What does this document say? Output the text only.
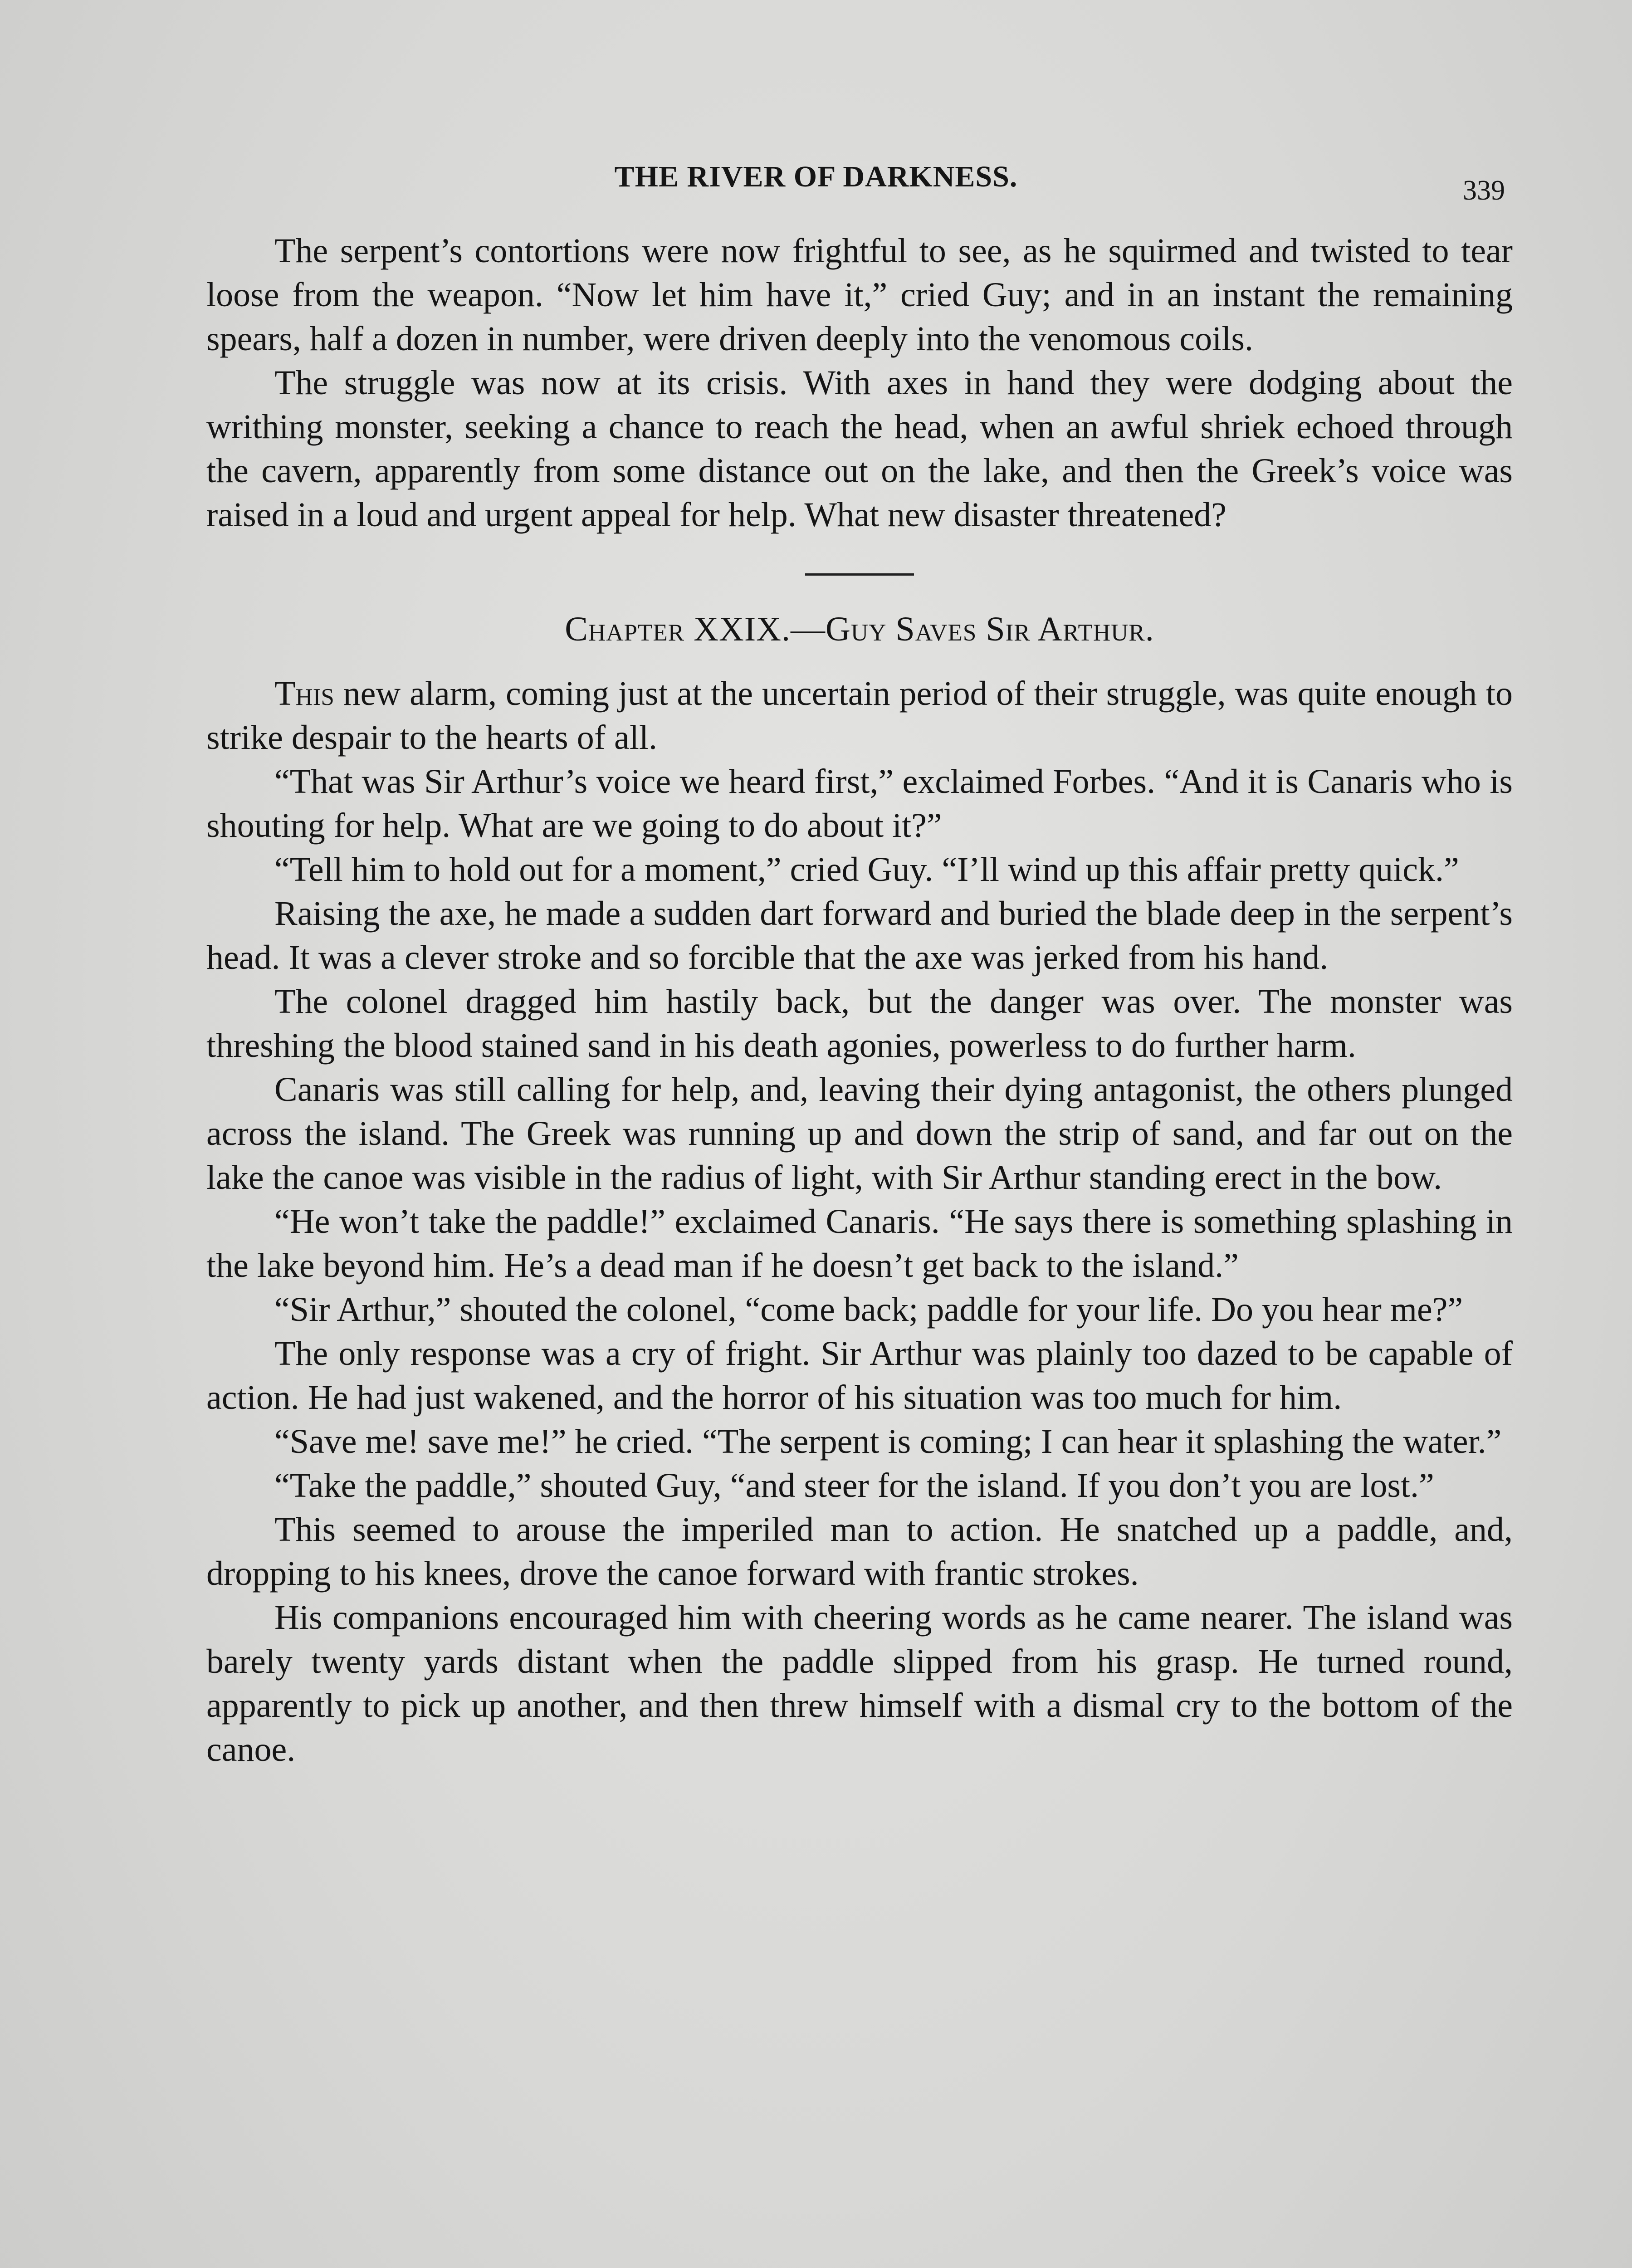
THE RIVER OF DARKNESS.	339

The serpent’s contortions were now frightful to see, as he squirmed and twisted to tear loose from the weapon. “Now let him have it,” cried Guy; and in an instant the remaining spears, half a dozen in number, were driven deeply into the venomous coils.

The struggle was now at its crisis. With axes in hand they were dodging about the writhing monster, seeking a chance to reach the head, when an awful shriek echoed through the cavern, apparently from some distance out on the lake, and then the Greek’s voice was raised in a loud and urgent appeal for help. What new disaster threatened?

Chapter XXIX.—Guy Saves Sir Arthur.

This new alarm, coming just at the uncertain period of their struggle, was quite enough to strike despair to the hearts of all.

“That was Sir Arthur’s voice we heard first,” exclaimed Forbes. “And it is Canaris who is shouting for help. What are we going to do about it?”

“Tell him to hold out for a moment,” cried Guy. “I’ll wind up this affair pretty quick.”

Raising the axe, he made a sudden dart forward and buried the blade deep in the serpent’s head. It was a clever stroke and so forcible that the axe was jerked from his hand.

The colonel dragged him hastily back, but the danger was over. The monster was threshing the blood stained sand in his death agonies, powerless to do further harm.

Canaris was still calling for help, and, leaving their dying antagonist, the others plunged across the island. The Greek was running up and down the strip of sand, and far out on the lake the canoe was visible in the radius of light, with Sir Arthur standing erect in the bow.

“He won’t take the paddle!” exclaimed Canaris. “He says there is something splashing in the lake beyond him. He’s a dead man if he doesn’t get back to the island.”

“Sir Arthur,” shouted the colonel, “come back; paddle for your life. Do you hear me?”

The only response was a cry of fright. Sir Arthur was plainly too dazed to be capable of action. He had just wakened, and the horror of his situation was too much for him.

“Save me! save me!” he cried. “The serpent is coming; I can hear it splashing the water.”

“Take the paddle,” shouted Guy, “and steer for the island. If you don’t you are lost.”

This seemed to arouse the imperiled man to action. He snatched up a paddle, and, dropping to his knees, drove the canoe forward with frantic strokes.

His companions encouraged him with cheering words as he came nearer. The island was barely twenty yards distant when the paddle slipped from his grasp. He turned round, apparently to pick up another, and then threw himself with a dismal cry to the bottom of the canoe.
